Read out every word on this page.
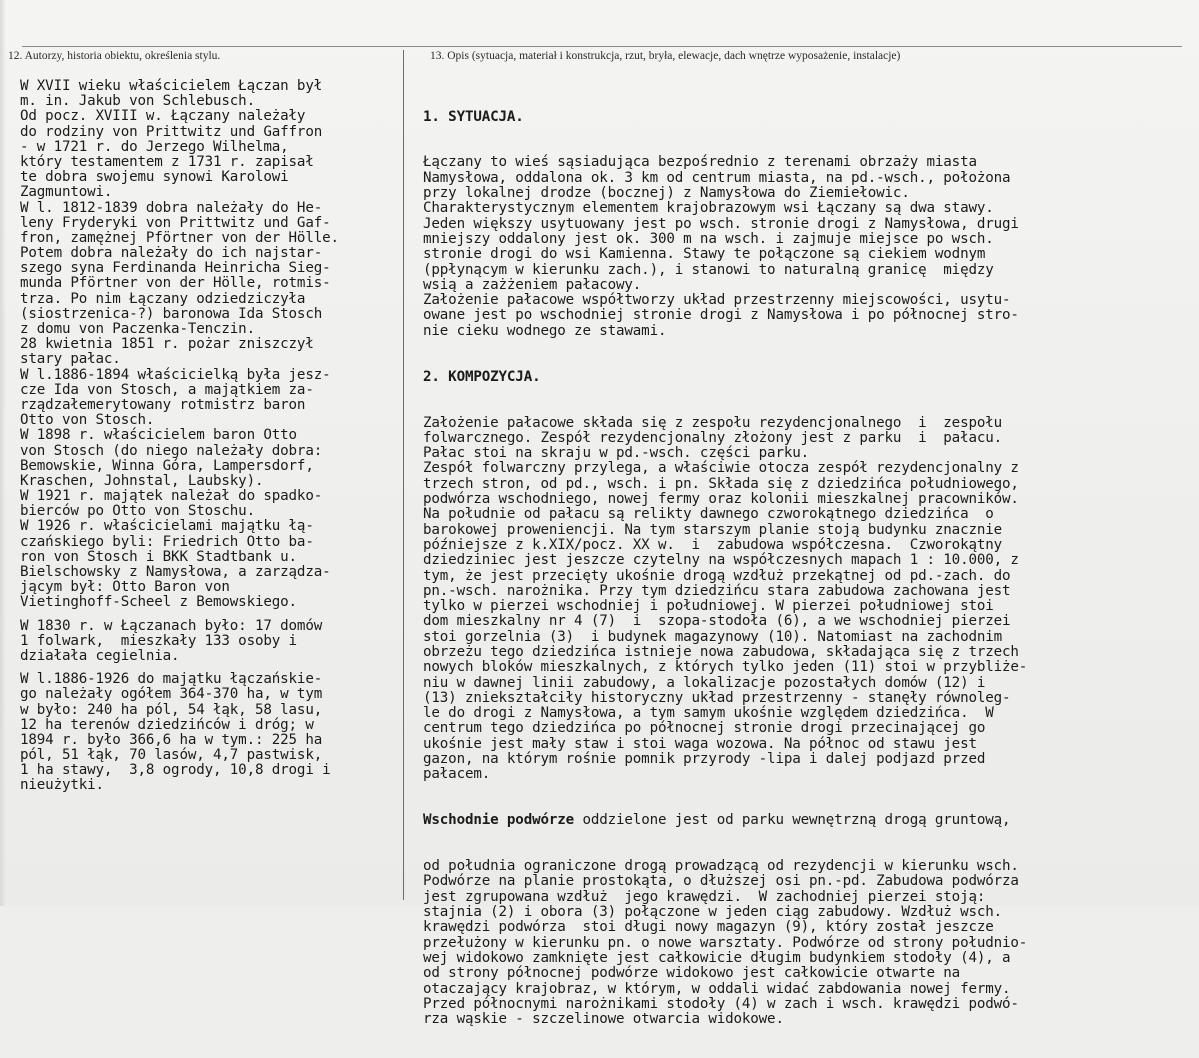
12. Autorzy, historia obiektu, określenia stylu.	13. Opis (sytuacja, materiał i konstrukcja, rzut, bryła, elewacje, dach wnętrze wyposażenie, instalacje)
W XVII wieku właścicielem Łączan był
m. in. Jakub von Schlebusch.
Od pocz. XVIII w. Łączany należały
do rodziny von Prittwitz und Gaffron
- w 1721 r. do Jerzego Wilhelma,
który testamentem z 1731 r. zapisał
te dobra swojemu synowi Karolowi
Zagmuntowi.
W l. 1812-1839 dobra należały do He-
leny Fryderyki von Prittwitz und Gaf-
fron, zamężnej Pförtner von der Hölle.
Potem dobra należały do ich najstar-
szego syna Ferdinanda Heinricha Sieg-
munda Pförtner von der Hölle, rotmis-
trza. Po nim Łączany odziedziczyła
(siostrzenica-?) baronowa Ida Stosch
z domu von Paczenka-Tenczin.
28 kwietnia 1851 r. pożar zniszczył
stary pałac.
W l.1886-1894 właścicielką była jesz-
cze Ida von Stosch, a majątkiem za-
rządzałemerytowany rotmistrz baron
Otto von Stosch.
W 1898 r. właścicielem baron Otto
von Stosch (do niego należały dobra:
Bemowskie, Winna Góra, Lampersdorf,
Kraschen, Johnstal, Laubsky).
W 1921 r. majątek należał do spadko-
bierców po Otto von Stoschu.
W 1926 r. właścicielami majątku łą-
czańskiego byli: Friedrich Otto ba-
ron von Stosch i BKK Stadtbank u.
Bielschowsky z Namysłowa, a zarządza-
jącym był: Otto Baron von
Vietinghoff-Scheel z Bemowskiego.
W 1830 r. w Łączanach było: 17 domów
1 folwark,  mieszkały 133 osoby i
działała cegielnia.
W l.1886-1926 do majątku łączańskie-
go należały ogółem 364-370 ha, w tym
w było: 240 ha pól, 54 łąk, 58 lasu,
12 ha terenów dziedzińców i dróg; w
1894 r. było 366,6 ha w tym.: 225 ha
pól, 51 łąk, 70 lasów, 4,7 pastwisk,
1 ha stawy,  3,8 ogrody, 10,8 drogi i
nieużytki.

1. SYTUACJA.

Łączany to wieś sąsiadująca bezpośrednio z terenami obrzaży miasta
Namysłowa, oddalona ok. 3 km od centrum miasta, na pd.-wsch., położona
przy lokalnej drodze (bocznej) z Namysłowa do Ziemiełowic.
Charakterystycznym elementem krajobrazowym wsi Łączany są dwa stawy.
Jeden większy usytuowany jest po wsch. stronie drogi z Namysłowa, drugi
mniejszy oddalony jest ok. 300 m na wsch. i zajmuje miejsce po wsch.
stronie drogi do wsi Kamienna. Stawy te połączone są ciekiem wodnym
(ppłynącym w kierunku zach.), i stanowi to naturalną granicę  między
wsią a zażżeniem pałacowy.
Założenie pałacowe współtworzy układ przestrzenny miejscowości, usytu-
owane jest po wschodniej stronie drogi z Namysłowa i po północnej stro-
nie cieku wodnego ze stawami.

2. KOMPOZYCJA.

Założenie pałacowe składa się z zespołu rezydencjonalnego  i  zespołu
folwarcznego. Zespół rezydencjonalny złożony jest z parku  i  pałacu.
Pałac stoi na skraju w pd.-wsch. części parku.
Zespół folwarczny przylega, a właściwie otocza zespół rezydencjonalny z
trzech stron, od pd., wsch. i pn. Składa się z dziedzińca południowego,
podwórza wschodniego, nowej fermy oraz kolonii mieszkalnej pracowników.
Na południe od pałacu są relikty dawnego czworokątnego dziedzińca  o
barokowej proweniencji. Na tym starszym planie stoją budynku znacznie
późniejsze z k.XIX/pocz. XX w.  i  zabudowa współczesna.  Czworokątny
dziedziniec jest jeszcze czytelny na współczesnych mapach 1 : 10.000, z
tym, że jest przecięty ukośnie drogą wzdłuż przekątnej od pd.-zach. do
pn.-wsch. narożnika. Przy tym dziedzińcu stara zabudowa zachowana jest
tylko w pierzei wschodniej i południowej. W pierzei południowej stoi
dom mieszkalny nr 4 (7)  i  szopa-stodoła (6), a we wschodniej pierzei
stoi gorzelnia (3)  i budynek magazynowy (10). Natomiast na zachodnim
obrzeżu tego dziedzińca istnieje nowa zabudowa, składająca się z trzech
nowych bloków mieszkalnych, z których tylko jeden (11) stoi w przybliże-
niu w dawnej linii zabudowy, a lokalizacje pozostałych domów (12) i
(13) zniekształciły historyczny układ przestrzenny - stanęły równoleg-
le do drogi z Namysłowa, a tym samym ukośnie względem dziedzińca.  W
centrum tego dziedzińca po północnej stronie drogi przecinającej go
ukośnie jest mały staw i stoi waga wozowa. Na północ od stawu jest
gazon, na którym rośnie pomnik przyrody -lipa i dalej podjazd przed
pałacem.

Wschodnie podwórze oddzielone jest od parku wewnętrzną drogą gruntową,

od południa ograniczone drogą prowadzącą od rezydencji w kierunku wsch.
Podwórze na planie prostokąta, o dłuższej osi pn.-pd. Zabudowa podwórza
jest zgrupowana wzdłuż  jego krawędzi.  W zachodniej pierzei stoją:
stajnia (2) i obora (3) połączone w jeden ciąg zabudowy. Wzdłuż wsch.
krawędzi podwórza  stoi długi nowy magazyn (9), który został jeszcze
przełużony w kierunku pn. o nowe warsztaty. Podwórze od strony południo-
wej widokowo zamknięte jest całkowicie długim budynkiem stodoły (4), a
od strony północnej podwórze widokowo jest całkowicie otwarte na
otaczający krajobraz, w którym, w oddali widać zabdowania nowej fermy.
Przed północnymi narożnikami stodoły (4) w zach i wsch. krawędzi podwó-
rza wąskie - szczelinowe otwarcia widokowe.
